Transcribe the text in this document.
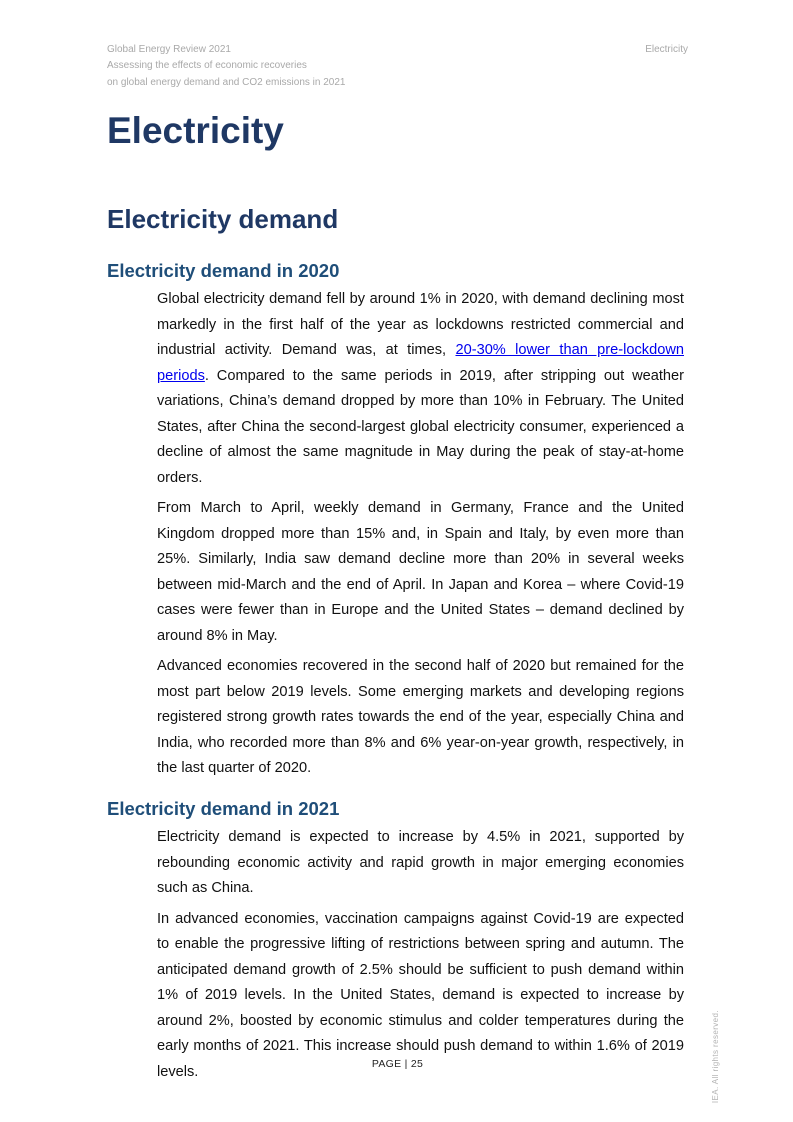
Global Energy Review 2021
Assessing the effects of economic recoveries
on global energy demand and CO2 emissions in 2021
Electricity
Electricity
Electricity demand
Electricity demand in 2020

Global electricity demand fell by around 1% in 2020, with demand declining most markedly in the first half of the year as lockdowns restricted commercial and industrial activity. Demand was, at times, 20-30% lower than pre-lockdown periods. Compared to the same periods in 2019, after stripping out weather variations, China’s demand dropped by more than 10% in February. The United States, after China the second-largest global electricity consumer, experienced a decline of almost the same magnitude in May during the peak of stay-at-home orders.

From March to April, weekly demand in Germany, France and the United Kingdom dropped more than 15% and, in Spain and Italy, by even more than 25%. Similarly, India saw demand decline more than 20% in several weeks between mid-March and the end of April. In Japan and Korea – where Covid-19 cases were fewer than in Europe and the United States – demand declined by around 8% in May.

Advanced economies recovered in the second half of 2020 but remained for the most part below 2019 levels. Some emerging markets and developing regions registered strong growth rates towards the end of the year, especially China and India, who recorded more than 8% and 6% year-on-year growth, respectively, in the last quarter of 2020.

Electricity demand in 2021

Electricity demand is expected to increase by 4.5% in 2021, supported by rebounding economic activity and rapid growth in major emerging economies such as China.

In advanced economies, vaccination campaigns against Covid-19 are expected to enable the progressive lifting of restrictions between spring and autumn. The anticipated demand growth of 2.5% should be sufficient to push demand within 1% of 2019 levels. In the United States, demand is expected to increase by around 2%, boosted by economic stimulus and colder temperatures during the early months of 2021. This increase should push demand to within 1.6% of 2019 levels.	PAGE | 25	IEA. All rights reserved.
